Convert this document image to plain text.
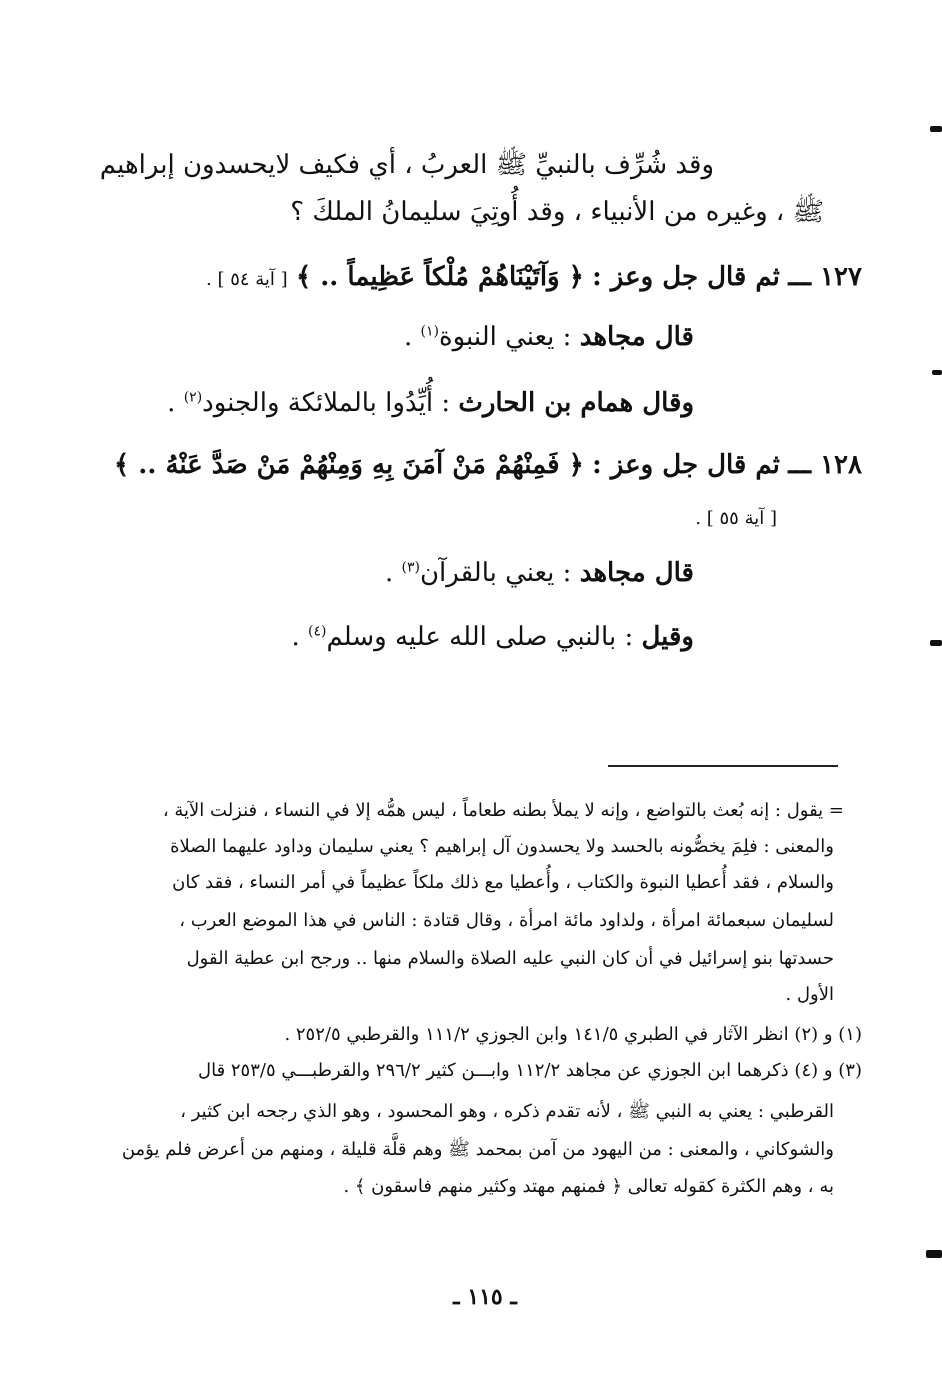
وقد شُرِّف بالنبيِّ ﷺ العربُ ، أي فكيف لايحسدون إبراهيم
ﷺ ، وغيره من الأنبياء ، وقد أُوتِيَ سليمانُ الملكَ ؟
١٢٧ ـــ ثم قال جل وعز : ﴿ وَآتَيْنَاهُمْ مُلْكاً عَظِيماً .. ﴾ [ آية ٥٤ ] .
قال مجاهد : يعني النبوة$^{(١)}$ .
وقال همام بن الحارث : أُيِّدُوا بالملائكة والجنود$^{(٢)}$ .
١٢٨ ـــ ثم قال جل وعز : ﴿ فَمِنْهُمْ مَنْ آمَنَ بِهِ وَمِنْهُمْ مَنْ صَدَّ عَنْهُ .. ﴾
[ آية ٥٥ ] .
قال مجاهد : يعني بالقرآن$^{(٣)}$ .
وقيل : بالنبي صلى الله عليه وسلم$^{(٤)}$ .
= يقول : إنه بُعث بالتواضع ، وإنه لا يملأ بطنه طعاماً ، ليس همُّه إلا في النساء ، فنزلت الآية ،
والمعنى : فلِمَ يخصُّونه بالحسد ولا يحسدون آل إبراهيم ؟ يعني سليمان وداود عليهما الصلاة
والسلام ، فقد أُعطيا النبوة والكتاب ، وأُعطيا مع ذلك ملكاً عظيماً في أمر النساء ، فقد كان
لسليمان سبعمائة امرأة ، ولداود مائة امرأة ، وقال قتادة : الناس في هذا الموضع العرب ،
حسدتها بنو إسرائيل في أن كان النبي عليه الصلاة والسلام منها .. ورجح ابن عطية القول
الأول .
(١) و (٢) انظر الآثار في الطبري ١٤١/٥ وابن الجوزي ١١١/٢ والقرطبي ٢٥٢/٥ .
(٣) و (٤) ذكرهما ابن الجوزي عن مجاهد ١١٢/٢ وابـــن كثير ٢٩٦/٢ والقرطبـــي ٢٥٣/٥ قال
القرطبي : يعني به النبي ﷺ ، لأنه تقدم ذكره ، وهو المحسود ، وهو الذي رجحه ابن كثير ،
والشوكاني ، والمعنى : من اليهود من آمن بمحمد ﷺ وهم قلَّة قليلة ، ومنهم من أعرض فلم يؤمن
به ، وهم الكثرة كقوله تعالى ﴿ فمنهم مهتد وكثير منهم فاسقون ﴾ .
ـ ١١٥ ـ
